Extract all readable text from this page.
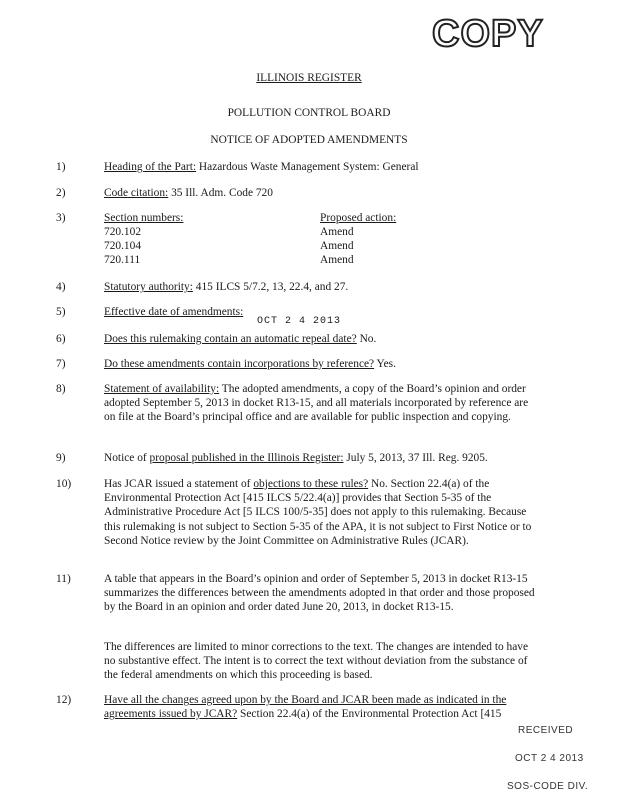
COPY
ILLINOIS REGISTER
POLLUTION CONTROL BOARD
NOTICE OF ADOPTED AMENDMENTS
1)	Heading of the Part: Hazardous Waste Management System: General
2)	Code citation: 35 Ill. Adm. Code 720
3)	Section numbers:	Proposed action:
720.102	Amend
720.104	Amend
720.111	Amend
4)	Statutory authority: 415 ILCS 5/7.2, 13, 22.4, and 27.
5)	Effective date of amendments:
OCT 2 4 2013
6)	Does this rulemaking contain an automatic repeal date? No.
7)	Do these amendments contain incorporations by reference? Yes.
8)	Statement of availability: The adopted amendments, a copy of the Board’s opinion and order adopted September 5, 2013 in docket R13-15, and all materials incorporated by reference are on file at the Board’s principal office and are available for public inspection and copying.
9)	Notice of proposal published in the Illinois Register: July 5, 2013, 37 Ill. Reg. 9205.
10)	Has JCAR issued a statement of objections to these rules? No. Section 22.4(a) of the Environmental Protection Act [415 ILCS 5/22.4(a)] provides that Section 5-35 of the Administrative Procedure Act [5 ILCS 100/5-35] does not apply to this rulemaking. Because this rulemaking is not subject to Section 5-35 of the APA, it is not subject to First Notice or to Second Notice review by the Joint Committee on Administrative Rules (JCAR).
11)	A table that appears in the Board’s opinion and order of September 5, 2013 in docket R13-15 summarizes the differences between the amendments adopted in that order and those proposed by the Board in an opinion and order dated June 20, 2013, in docket R13-15.
The differences are limited to minor corrections to the text. The changes are intended to have no substantive effect. The intent is to correct the text without deviation from the substance of the federal amendments on which this proceeding is based.
12)	Have all the changes agreed upon by the Board and JCAR been made as indicated in the agreements issued by JCAR? Section 22.4(a) of the Environmental Protection Act [415
RECEIVED
OCT 2 4 2013
SOS-CODE DIV.
